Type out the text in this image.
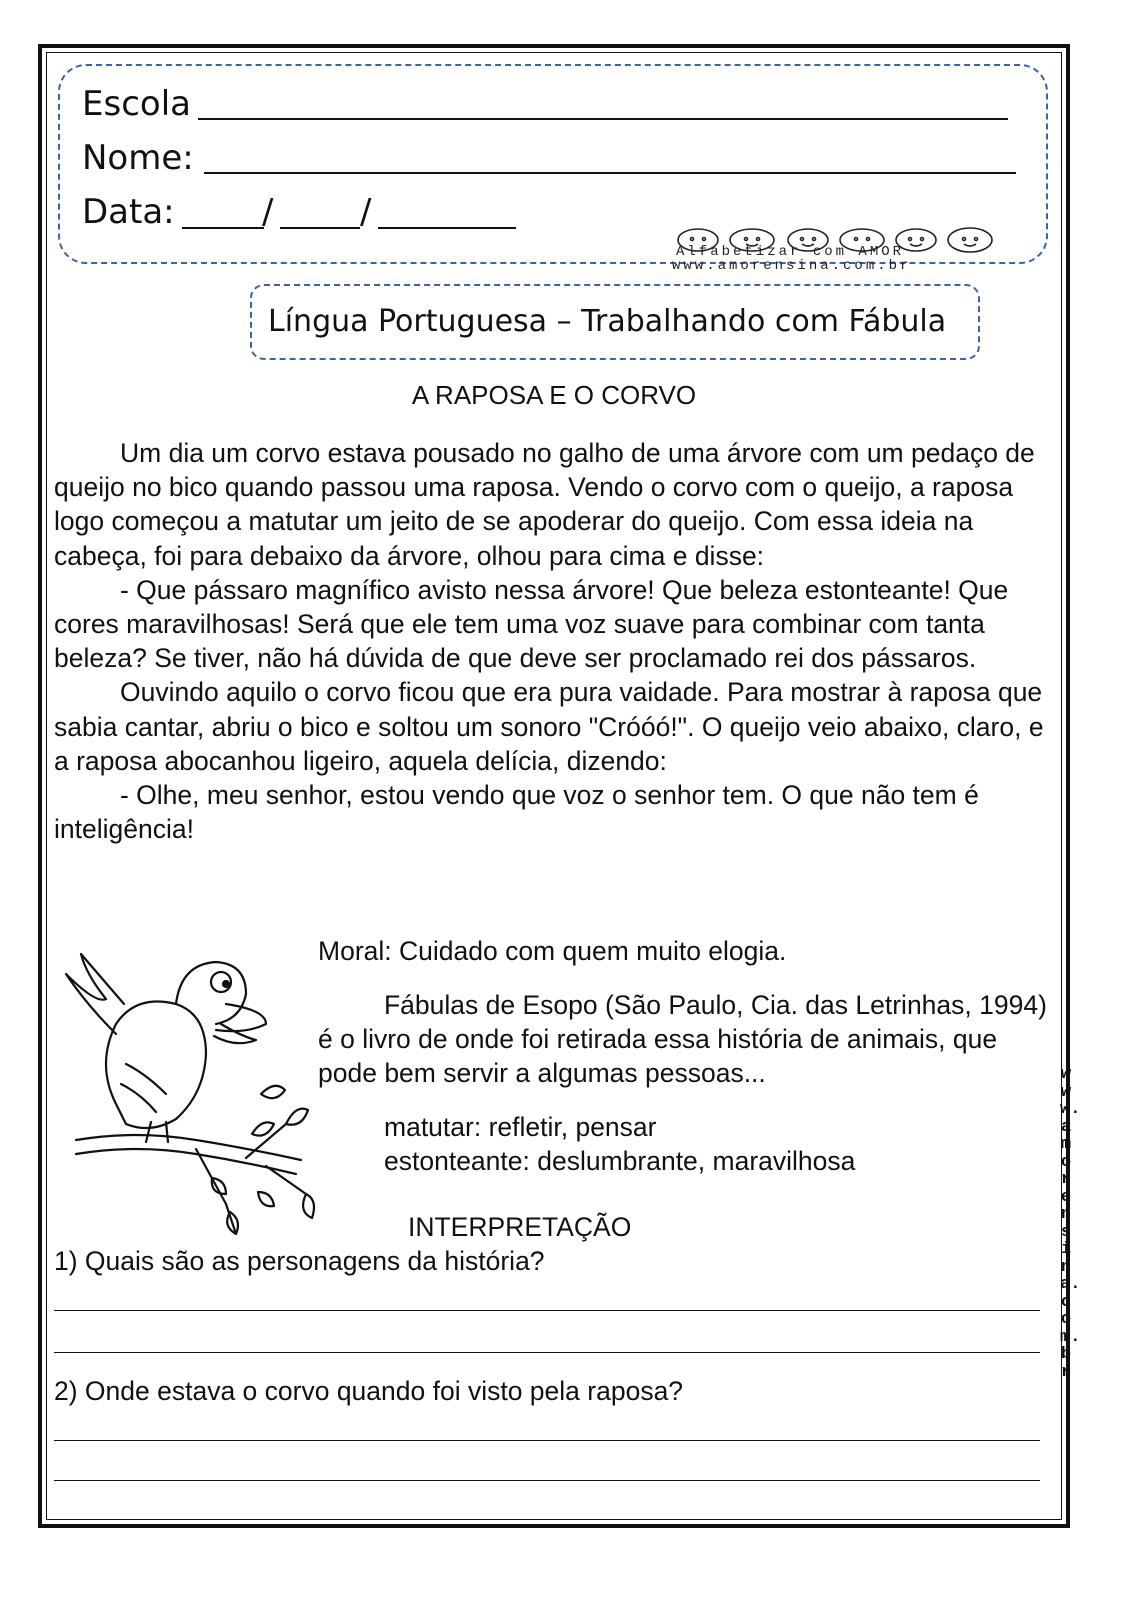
Escola
Nome:
Data:	/	/
Alfabetizar com AMOR
www.amorensina.com.br
Língua Portuguesa – Trabalhando com Fábula
A RAPOSA E O CORVO

Um dia um corvo estava pousado no galho de uma árvore com um pedaço de queijo no bico quando passou uma raposa. Vendo o corvo com o queijo, a raposa logo começou a matutar um jeito de se apoderar do queijo. Com essa ideia na cabeça, foi para debaixo da árvore, olhou para cima e disse:

- Que pássaro magnífico avisto nessa árvore! Que beleza estonteante! Que cores maravilhosas! Será que ele tem uma voz suave para combinar com tanta beleza? Se tiver, não há dúvida de que deve ser proclamado rei dos pássaros.

Ouvindo aquilo o corvo ficou que era pura vaidade. Para mostrar à raposa que sabia cantar, abriu o bico e soltou um sonoro "Cróóó!". O queijo veio abaixo, claro, e a raposa abocanhou ligeiro, aquela delícia, dizendo:

- Olhe, meu senhor, estou vendo que voz o senhor tem. O que não tem é inteligência!

Moral: Cuidado com quem muito elogia.
Fábulas de Esopo (São Paulo, Cia. das Letrinhas, 1994) é o livro de onde foi retirada essa história de animais, que pode bem servir a algumas pessoas...
matutar: refletir, pensar
estonteante: deslumbrante, maravilhosa
INTERPRETAÇÃO
1) Quais são as personagens da história?
2) Onde estava o corvo quando foi visto pela raposa?
www.amorensina.com.br
